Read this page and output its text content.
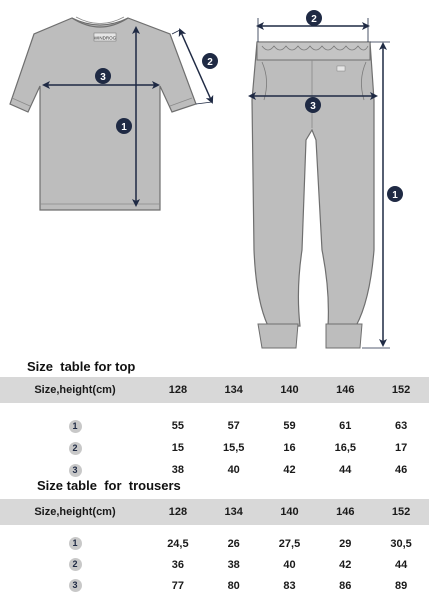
WINDROG
1
2
3
2
3
1
Size  table for top
Size,height(cm)	128	134	140	146	152

1	55	57	59	61	63
2	15	15,5	16	16,5	17
3	38	40	42	44	46
Size table  for  trousers
Size,height(cm)	128	134	140	146	152

1	24,5	26	27,5	29	30,5
2	36	38	40	42	44
3	77	80	83	86	89
